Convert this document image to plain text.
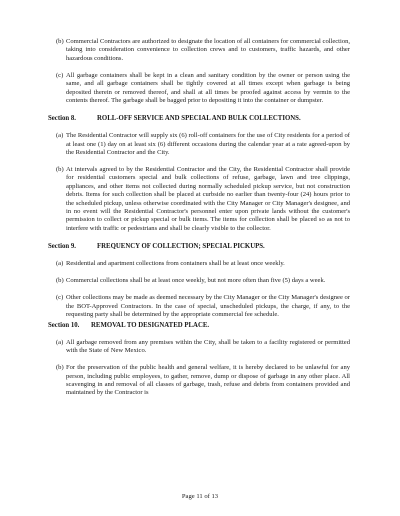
(b) Commercial Contractors are authorized to designate the location of all containers for commercial collection, taking into consideration convenience to collection crews and to customers, traffic hazards, and other hazardous conditions.
(c) All garbage containers shall be kept in a clean and sanitary condition by the owner or person using the same, and all garbage containers shall be tightly covered at all times except when garbage is being deposited therein or removed thereof, and shall at all times be proofed against access by vermin to the contents thereof. The garbage shall be bagged prior to depositing it into the container or dumpster.
Section 8.	ROLL-OFF SERVICE AND SPECIAL AND BULK COLLECTIONS.
(a) The Residential Contractor will supply six (6) roll-off containers for the use of City residents for a period of at least one (1) day on at least six (6) different occasions during the calendar year at a rate agreed-upon by the Residential Contractor and the City.
(b) At intervals agreed to by the Residential Contractor and the City, the Residential Contractor shall provide for residential customers special and bulk collections of refuse, garbage, lawn and tree clippings, appliances, and other items not collected during normally scheduled pickup service, but not construction debris. Items for such collection shall be placed at curbside no earlier than twenty-four (24) hours prior to the scheduled pickup, unless otherwise coordinated with the City Manager or City Manager's designee, and in no event will the Residential Contractor's personnel enter upon private lands without the customer's permission to collect or pickup special or bulk items. The items for collection shall be placed so as not to interfere with traffic or pedestrians and shall be clearly visible to the collector.
Section 9.	FREQUENCY OF COLLECTION; SPECIAL PICKUPS.
(a) Residential and apartment collections from containers shall be at least once weekly.
(b) Commercial collections shall be at least once weekly, but not more often than five (5) days a week.
(c) Other collections may be made as deemed necessary by the City Manager or the City Manager's designee or the BOT-Approved Contractors. In the case of special, unscheduled pickups, the charge, if any, to the requesting party shall be determined by the appropriate commercial fee schedule.
Section 10. REMOVAL TO DESIGNATED PLACE.
(a) All garbage removed from any premises within the City, shall be taken to a facility registered or permitted with the State of New Mexico.
(b) For the preservation of the public health and general welfare, it is hereby declared to be unlawful for any person, including public employees, to gather, remove, dump or dispose of garbage in any other place. All scavenging in and removal of all classes of garbage, trash, refuse and debris from containers provided and maintained by the Contractor is
Page 11 of 13
